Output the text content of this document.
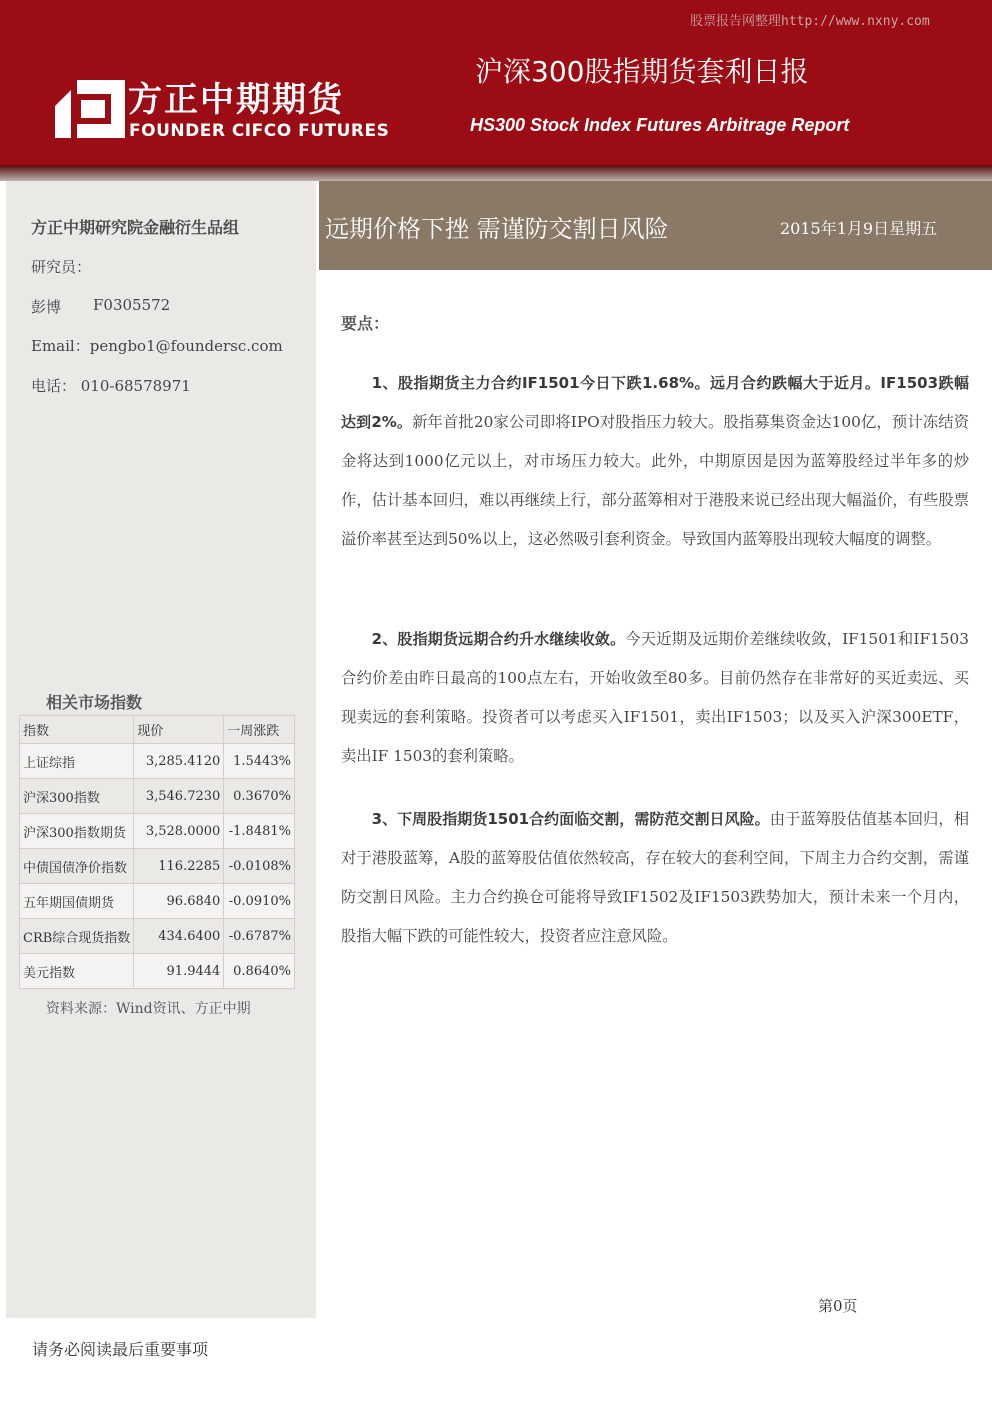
股票报告网整理http://www.nxny.com
方正中期期货
FOUNDER CIFCO FUTURES
沪深300股指期货套利日报
HS300 Stock Index Futures Arbitrage Report
方正中期研究院金融衍生品组
研究员：
彭博 F0305572
Email：pengbo1@foundersc.com
电话： 010-68578971
相关市场指数
指数	现价	一周涨跌
上证综指	3,285.4120	1.5443%
沪深300指数	3,546.7230	0.3670%
沪深300指数期货	3,528.0000	-1.8481%
中债国债净价指数	116.2285	-0.0108%
五年期国债期货	96.6840	-0.0910%
CRB综合现货指数	434.6400	-0.6787%
美元指数	91.9444	0.8640%
资料来源：Wind资讯、方正中期
远期价格下挫 需谨防交割日风险	2015年1月9日星期五
要点：

1、股指期货主力合约IF1501今日下跌1.68%。远月合约跌幅大于近月。IF1503跌幅达到2%。新年首批20家公司即将IPO对股指压力较大。股指募集资金达100亿，预计冻结资金将达到1000亿元以上，对市场压力较大。此外，中期原因是因为蓝筹股经过半年多的炒作，估计基本回归，难以再继续上行，部分蓝筹相对于港股来说已经出现大幅溢价，有些股票溢价率甚至达到50%以上，这必然吸引套利资金。导致国内蓝筹股出现较大幅度的调整。

2、股指期货远期合约升水继续收敛。今天近期及远期价差继续收敛，IF1501和IF1503合约价差由昨日最高的100点左右，开始收敛至80多。目前仍然存在非常好的买近卖远、买现卖远的套利策略。投资者可以考虑买入IF1501，卖出IF1503；以及买入沪深300ETF，卖出IF 1503的套利策略。

3、下周股指期货1501合约面临交割，需防范交割日风险。由于蓝筹股估值基本回归，相对于港股蓝筹，A股的蓝筹股估值依然较高，存在较大的套利空间，下周主力合约交割，需谨防交割日风险。主力合约换仓可能将导致IF1502及IF1503跌势加大，预计未来一个月内，股指大幅下跌的可能性较大，投资者应注意风险。

第0页
请务必阅读最后重要事项
